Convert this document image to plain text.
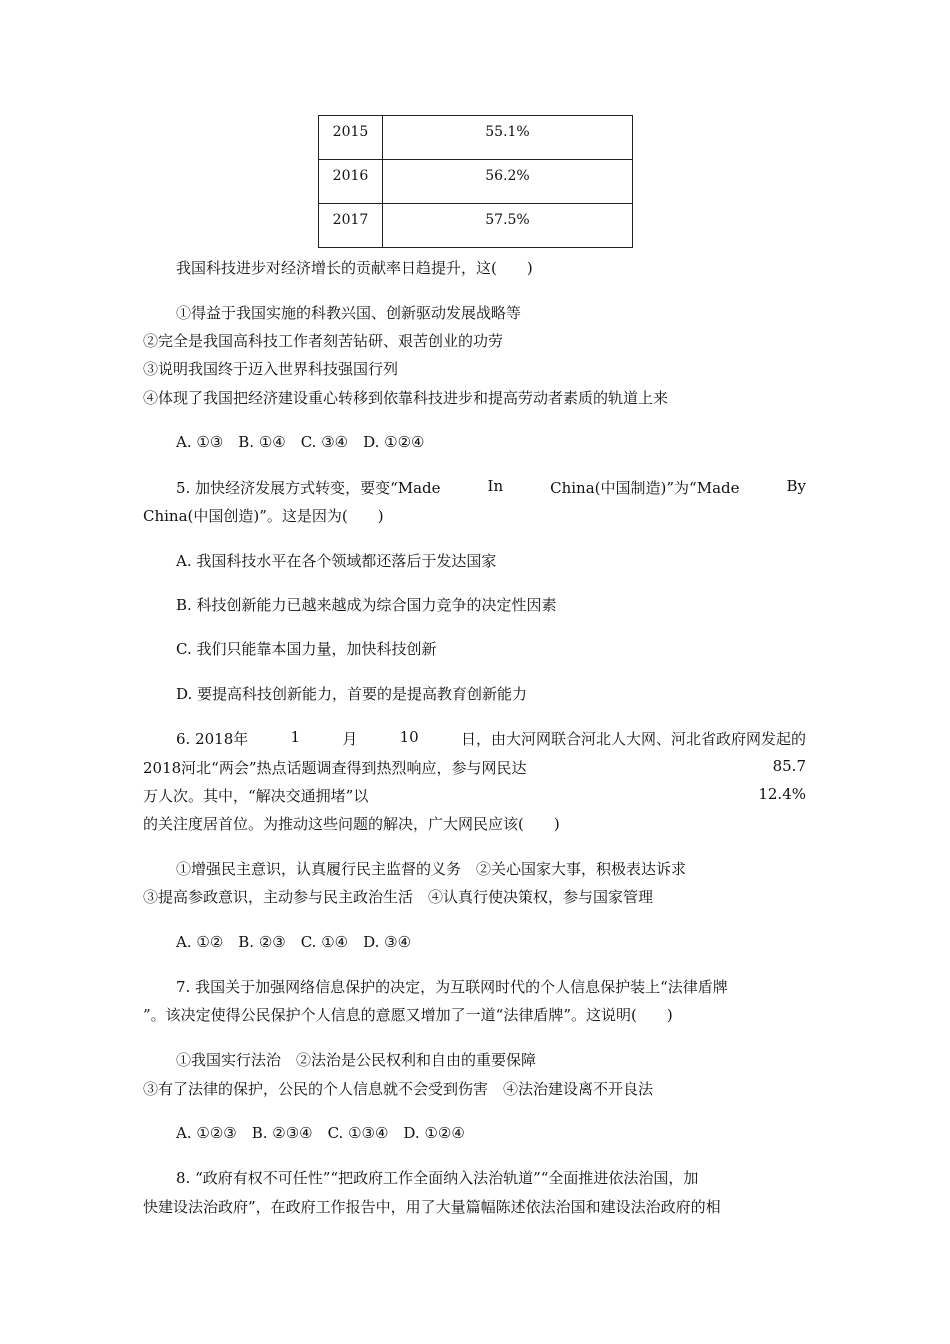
2015	55.1%
2016	56.2%
2017	57.5%
我国科技进步对经济增长的贡献率日趋提升，这(　　)
①得益于我国实施的科教兴国、创新驱动发展战略等
②完全是我国高科技工作者刻苦钻研、艰苦创业的功劳
③说明我国终于迈入世界科技强国行列
④体现了我国把经济建设重心转移到依靠科技进步和提高劳动者素质的轨道上来
A. ①③　B. ①④　C. ③④　D. ①②④
5. 加快经济发展方式转变，要变“Made	In	China(中国制造)”为“Made	By
China(中国创造)”。这是因为(　　)
A. 我国科技水平在各个领域都还落后于发达国家
B. 科技创新能力已越来越成为综合国力竞争的决定性因素
C. 我们只能靠本国力量，加快科技创新
D. 要提高科技创新能力，首要的是提高教育创新能力
6. 2018年	1	月	10	日，由大河网联合河北人大网、河北省政府网发起的
2018河北“两会”热点话题调查得到热烈响应，参与网民达	85.7
万人次。其中，“解决交通拥堵”以	12.4%
的关注度居首位。为推动这些问题的解决，广大网民应该(　　)
①增强民主意识，认真履行民主监督的义务　②关心国家大事，积极表达诉求
③提高参政意识，主动参与民主政治生活　④认真行使决策权，参与国家管理
A. ①②　B. ②③　C. ①④　D. ③④
7. 我国关于加强网络信息保护的决定，为互联网时代的个人信息保护装上“法律盾牌
”。该决定使得公民保护个人信息的意愿又增加了一道“法律盾牌”。这说明(　　)
①我国实行法治　②法治是公民权利和自由的重要保障
③有了法律的保护，公民的个人信息就不会受到伤害　④法治建设离不开良法
A. ①②③　B. ②③④　C. ①③④　D. ①②④
8. “政府有权不可任性”“把政府工作全面纳入法治轨道”“全面推进依法治国，加
快建设法治政府”，在政府工作报告中，用了大量篇幅陈述依法治国和建设法治政府的相
